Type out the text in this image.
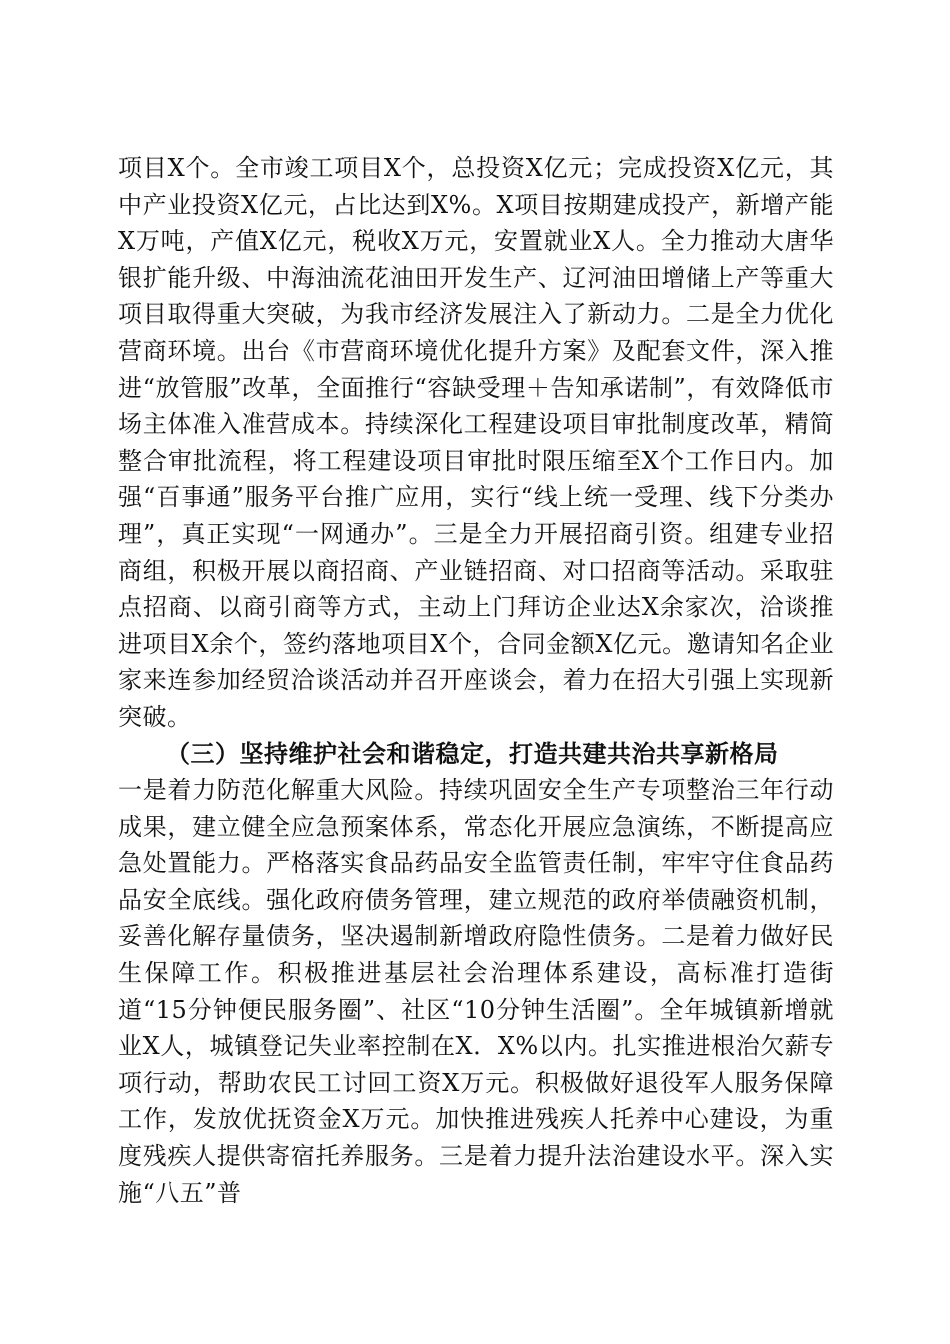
项目X个。全市竣工项目X个，总投资X亿元；完成投资X亿元，其中产业投资X亿元，占比达到X%。X项目按期建成投产，新增产能X万吨，产值X亿元，税收X万元，安置就业X人。全力推动大唐华银扩能升级、中海油流花油田开发生产、辽河油田增储上产等重大项目取得重大突破，为我市经济发展注入了新动力。二是全力优化营商环境。出台《市营商环境优化提升方案》及配套文件，深入推进“放管服”改革，全面推行“容缺受理＋告知承诺制”，有效降低市场主体准入准营成本。持续深化工程建设项目审批制度改革，精简整合审批流程，将工程建设项目审批时限压缩至X个工作日内。加强“百事通”服务平台推广应用，实行“线上统一受理、线下分类办理”，真正实现“一网通办”。三是全力开展招商引资。组建专业招商组，积极开展以商招商、产业链招商、对口招商等活动。采取驻点招商、以商引商等方式，主动上门拜访企业达X余家次，洽谈推进项目X余个，签约落地项目X个，合同金额X亿元。邀请知名企业家来连参加经贸洽谈活动并召开座谈会，着力在招大引强上实现新突破。

（三）坚持维护社会和谐稳定，打造共建共治共享新格局

一是着力防范化解重大风险。持续巩固安全生产专项整治三年行动成果，建立健全应急预案体系，常态化开展应急演练，不断提高应急处置能力。严格落实食品药品安全监管责任制，牢牢守住食品药品安全底线。强化政府债务管理，建立规范的政府举债融资机制，妥善化解存量债务，坚决遏制新增政府隐性债务。二是着力做好民生保障工作。积极推进基层社会治理体系建设，高标准打造街道“15分钟便民服务圈”、社区“10分钟生活圈”。全年城镇新增就业X人，城镇登记失业率控制在X．X%以内。扎实推进根治欠薪专项行动，帮助农民工讨回工资X万元。积极做好退役军人服务保障工作，发放优抚资金X万元。加快推进残疾人托养中心建设，为重度残疾人提供寄宿托养服务。三是着力提升法治建设水平。深入实施“八五”普
